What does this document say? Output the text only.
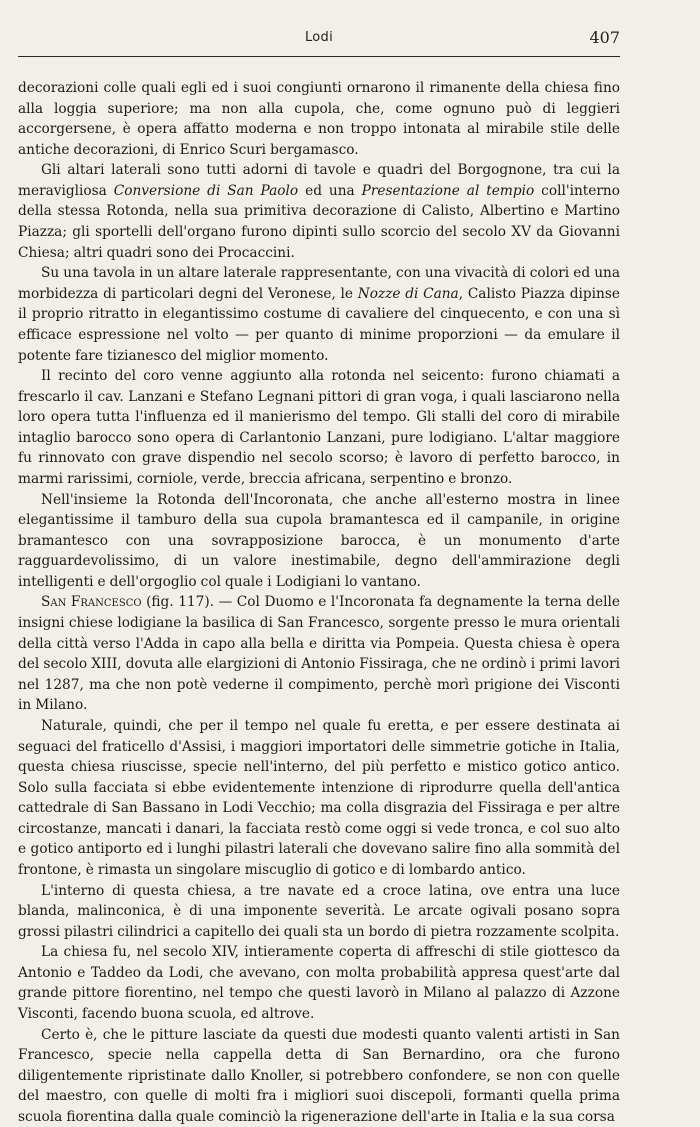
Lodi	407

decorazioni colle quali egli ed i suoi congiunti ornarono il rimanente della chiesa fino alla loggia superiore; ma non alla cupola, che, come ognuno può di leggieri accorgersene, è opera affatto moderna e non troppo intonata al mirabile stile delle antiche decorazioni, di Enrico Scuri bergamasco.

Gli altari laterali sono tutti adorni di tavole e quadri del Borgognone, tra cui la meravigliosa Conversione di San Paolo ed una Presentazione al tempio coll'interno della stessa Rotonda, nella sua primitiva decorazione di Calisto, Albertino e Martino Piazza; gli sportelli dell'organo furono dipinti sullo scorcio del secolo XV da Giovanni Chiesa; altri quadri sono dei Procaccini.

Su una tavola in un altare laterale rappresentante, con una vivacità di colori ed una morbidezza di particolari degni del Veronese, le Nozze di Cana, Calisto Piazza dipinse il proprio ritratto in elegantissimo costume di cavaliere del cinquecento, e con una sì efficace espressione nel volto — per quanto di minime proporzioni — da emulare il potente fare tizianesco del miglior momento.

Il recinto del coro venne aggiunto alla rotonda nel seicento: furono chiamati a frescarlo il cav. Lanzani e Stefano Legnani pittori di gran voga, i quali lasciarono nella loro opera tutta l'influenza ed il manierismo del tempo. Gli stalli del coro di mirabile intaglio barocco sono opera di Carlantonio Lanzani, pure lodigiano. L'altar maggiore fu rinnovato con grave dispendio nel secolo scorso; è lavoro di perfetto barocco, in marmi rarissimi, corniole, verde, breccia africana, serpentino e bronzo.

Nell'insieme la Rotonda dell'Incoronata, che anche all'esterno mostra in linee elegantissime il tamburo della sua cupola bramantesca ed il campanile, in origine bramantesco con una sovrapposizione barocca, è un monumento d'arte ragguardevolissimo, di un valore inestimabile, degno dell'ammirazione degli intelligenti e dell'orgoglio col quale i Lodigiani lo vantano.

San Francesco (fig. 117). — Col Duomo e l'Incoronata fa degnamente la terna delle insigni chiese lodigiane la basilica di San Francesco, sorgente presso le mura orientali della città verso l'Adda in capo alla bella e diritta via Pompeia. Questa chiesa è opera del secolo XIII, dovuta alle elargizioni di Antonio Fissiraga, che ne ordinò i primi lavori nel 1287, ma che non potè vederne il compimento, perchè morì prigione dei Visconti in Milano.

Naturale, quindi, che per il tempo nel quale fu eretta, e per essere destinata ai seguaci del fraticello d'Assisi, i maggiori importatori delle simmetrie gotiche in Italia, questa chiesa riuscisse, specie nell'interno, del più perfetto e mistico gotico antico. Solo sulla facciata si ebbe evidentemente intenzione di riprodurre quella dell'antica cattedrale di San Bassano in Lodi Vecchio; ma colla disgrazia del Fissiraga e per altre circostanze, mancati i danari, la facciata restò come oggi si vede tronca, e col suo alto e gotico antiporto ed i lunghi pilastri laterali che dovevano salire fino alla sommità del frontone, è rimasta un singolare miscuglio di gotico e di lombardo antico.

L'interno di questa chiesa, a tre navate ed a croce latina, ove entra una luce blanda, malinconica, è di una imponente severità. Le arcate ogivali posano sopra grossi pilastri cilindrici a capitello dei quali sta un bordo di pietra rozzamente scolpita.

La chiesa fu, nel secolo XIV, intieramente coperta di affreschi di stile giottesco da Antonio e Taddeo da Lodi, che avevano, con molta probabilità appresa quest'arte dal grande pittore fiorentino, nel tempo che questi lavorò in Milano al palazzo di Azzone Visconti, facendo buona scuola, ed altrove.

Certo è, che le pitture lasciate da questi due modesti quanto valenti artisti in San Francesco, specie nella cappella detta di San Bernardino, ora che furono diligentemente ripristinate dallo Knoller, si potrebbero confondere, se non con quelle del maestro, con quelle di molti fra i migliori suoi discepoli, formanti quella prima scuola fiorentina dalla quale cominciò la rigenerazione dell'arte in Italia e la sua corsa
